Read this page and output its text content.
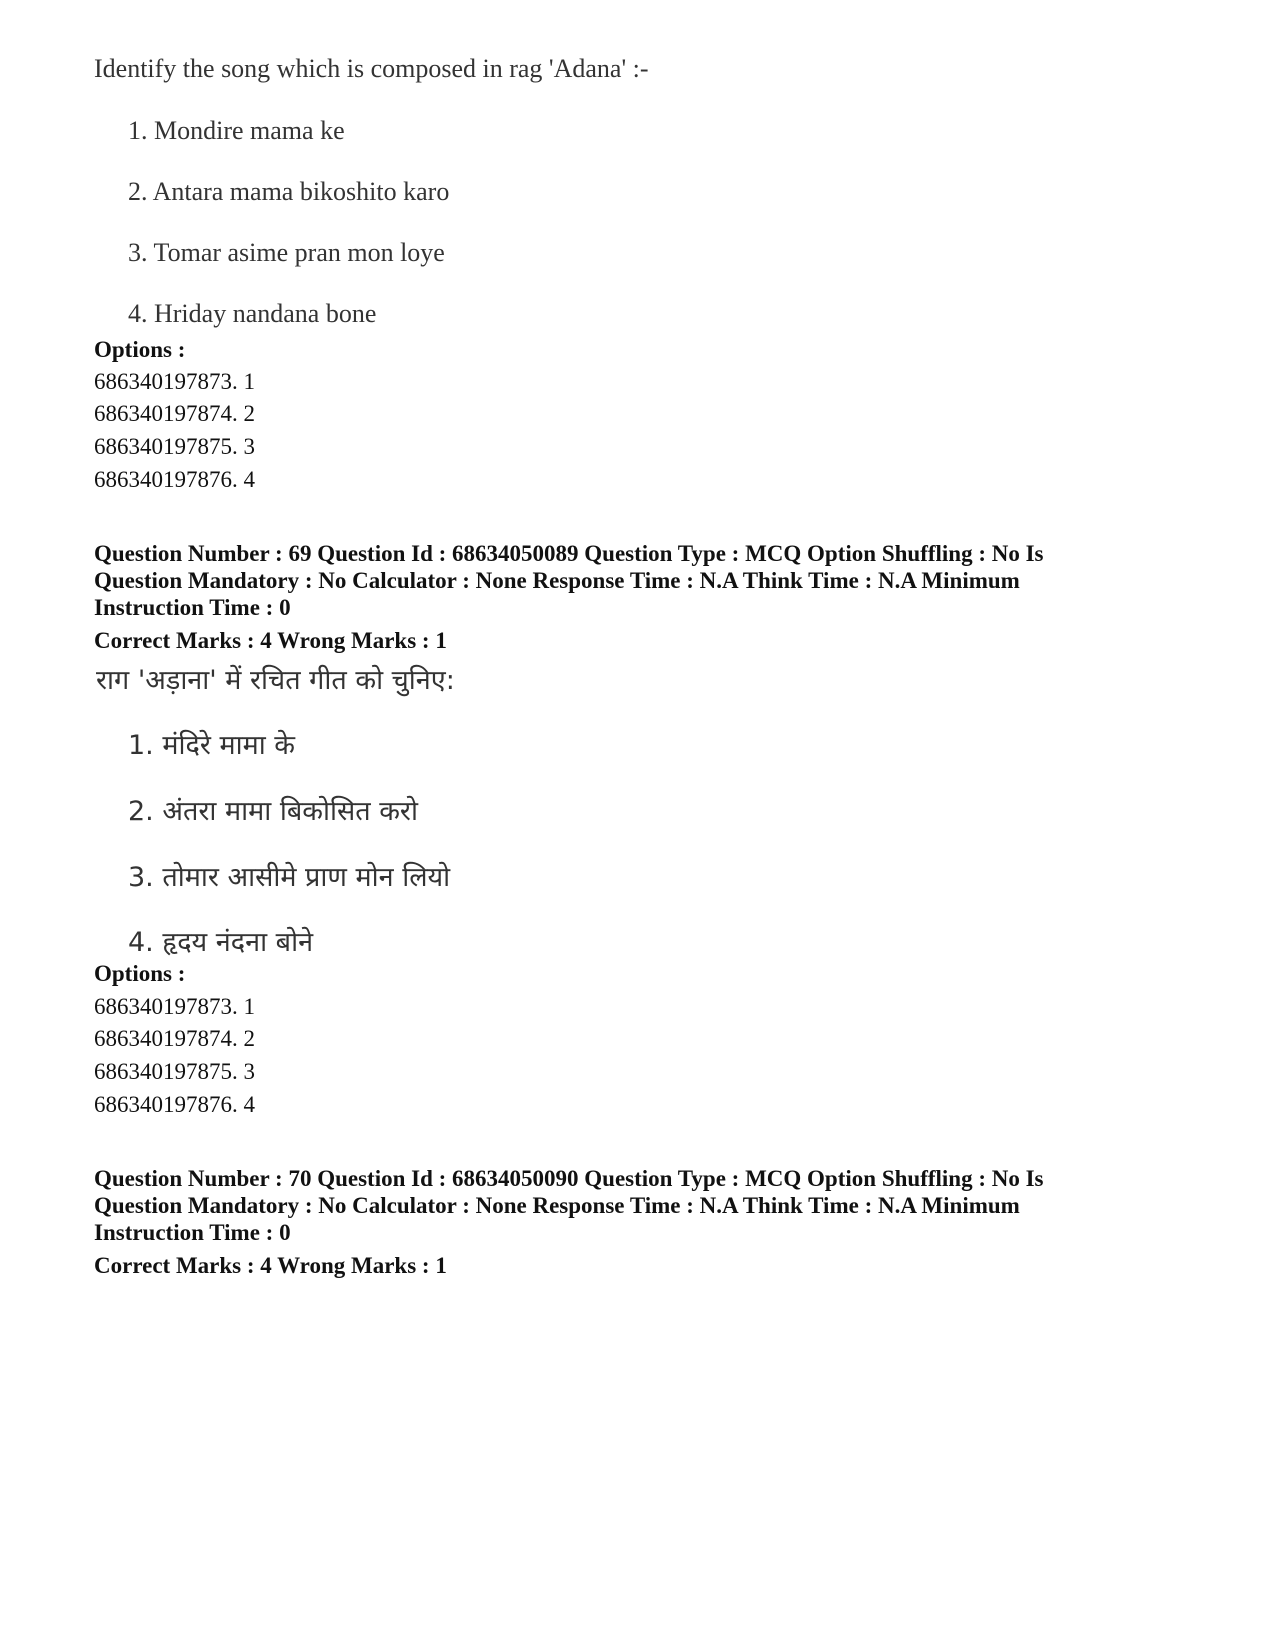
Identify the song which is composed in rag 'Adana' :-
1. Mondire mama ke
2. Antara mama bikoshito karo
3. Tomar asime pran mon loye
4. Hriday nandana bone
Options :
686340197873. 1
686340197874. 2
686340197875. 3
686340197876. 4
Question Number : 69 Question Id : 68634050089 Question Type : MCQ Option Shuffling : No Is
Question Mandatory : No Calculator : None Response Time : N.A Think Time : N.A Minimum
Instruction Time : 0
Correct Marks : 4 Wrong Marks : 1
राग 'अड़ाना' में रचित गीत को चुनिए:
1. मंदिरे मामा के
2. अंतरा मामा बिकोसित करो
3. तोमार आसीमे प्राण मोन लियो
4. हृदय नंदना बोने
Options :
686340197873. 1
686340197874. 2
686340197875. 3
686340197876. 4
Question Number : 70 Question Id : 68634050090 Question Type : MCQ Option Shuffling : No Is
Question Mandatory : No Calculator : None Response Time : N.A Think Time : N.A Minimum
Instruction Time : 0
Correct Marks : 4 Wrong Marks : 1
